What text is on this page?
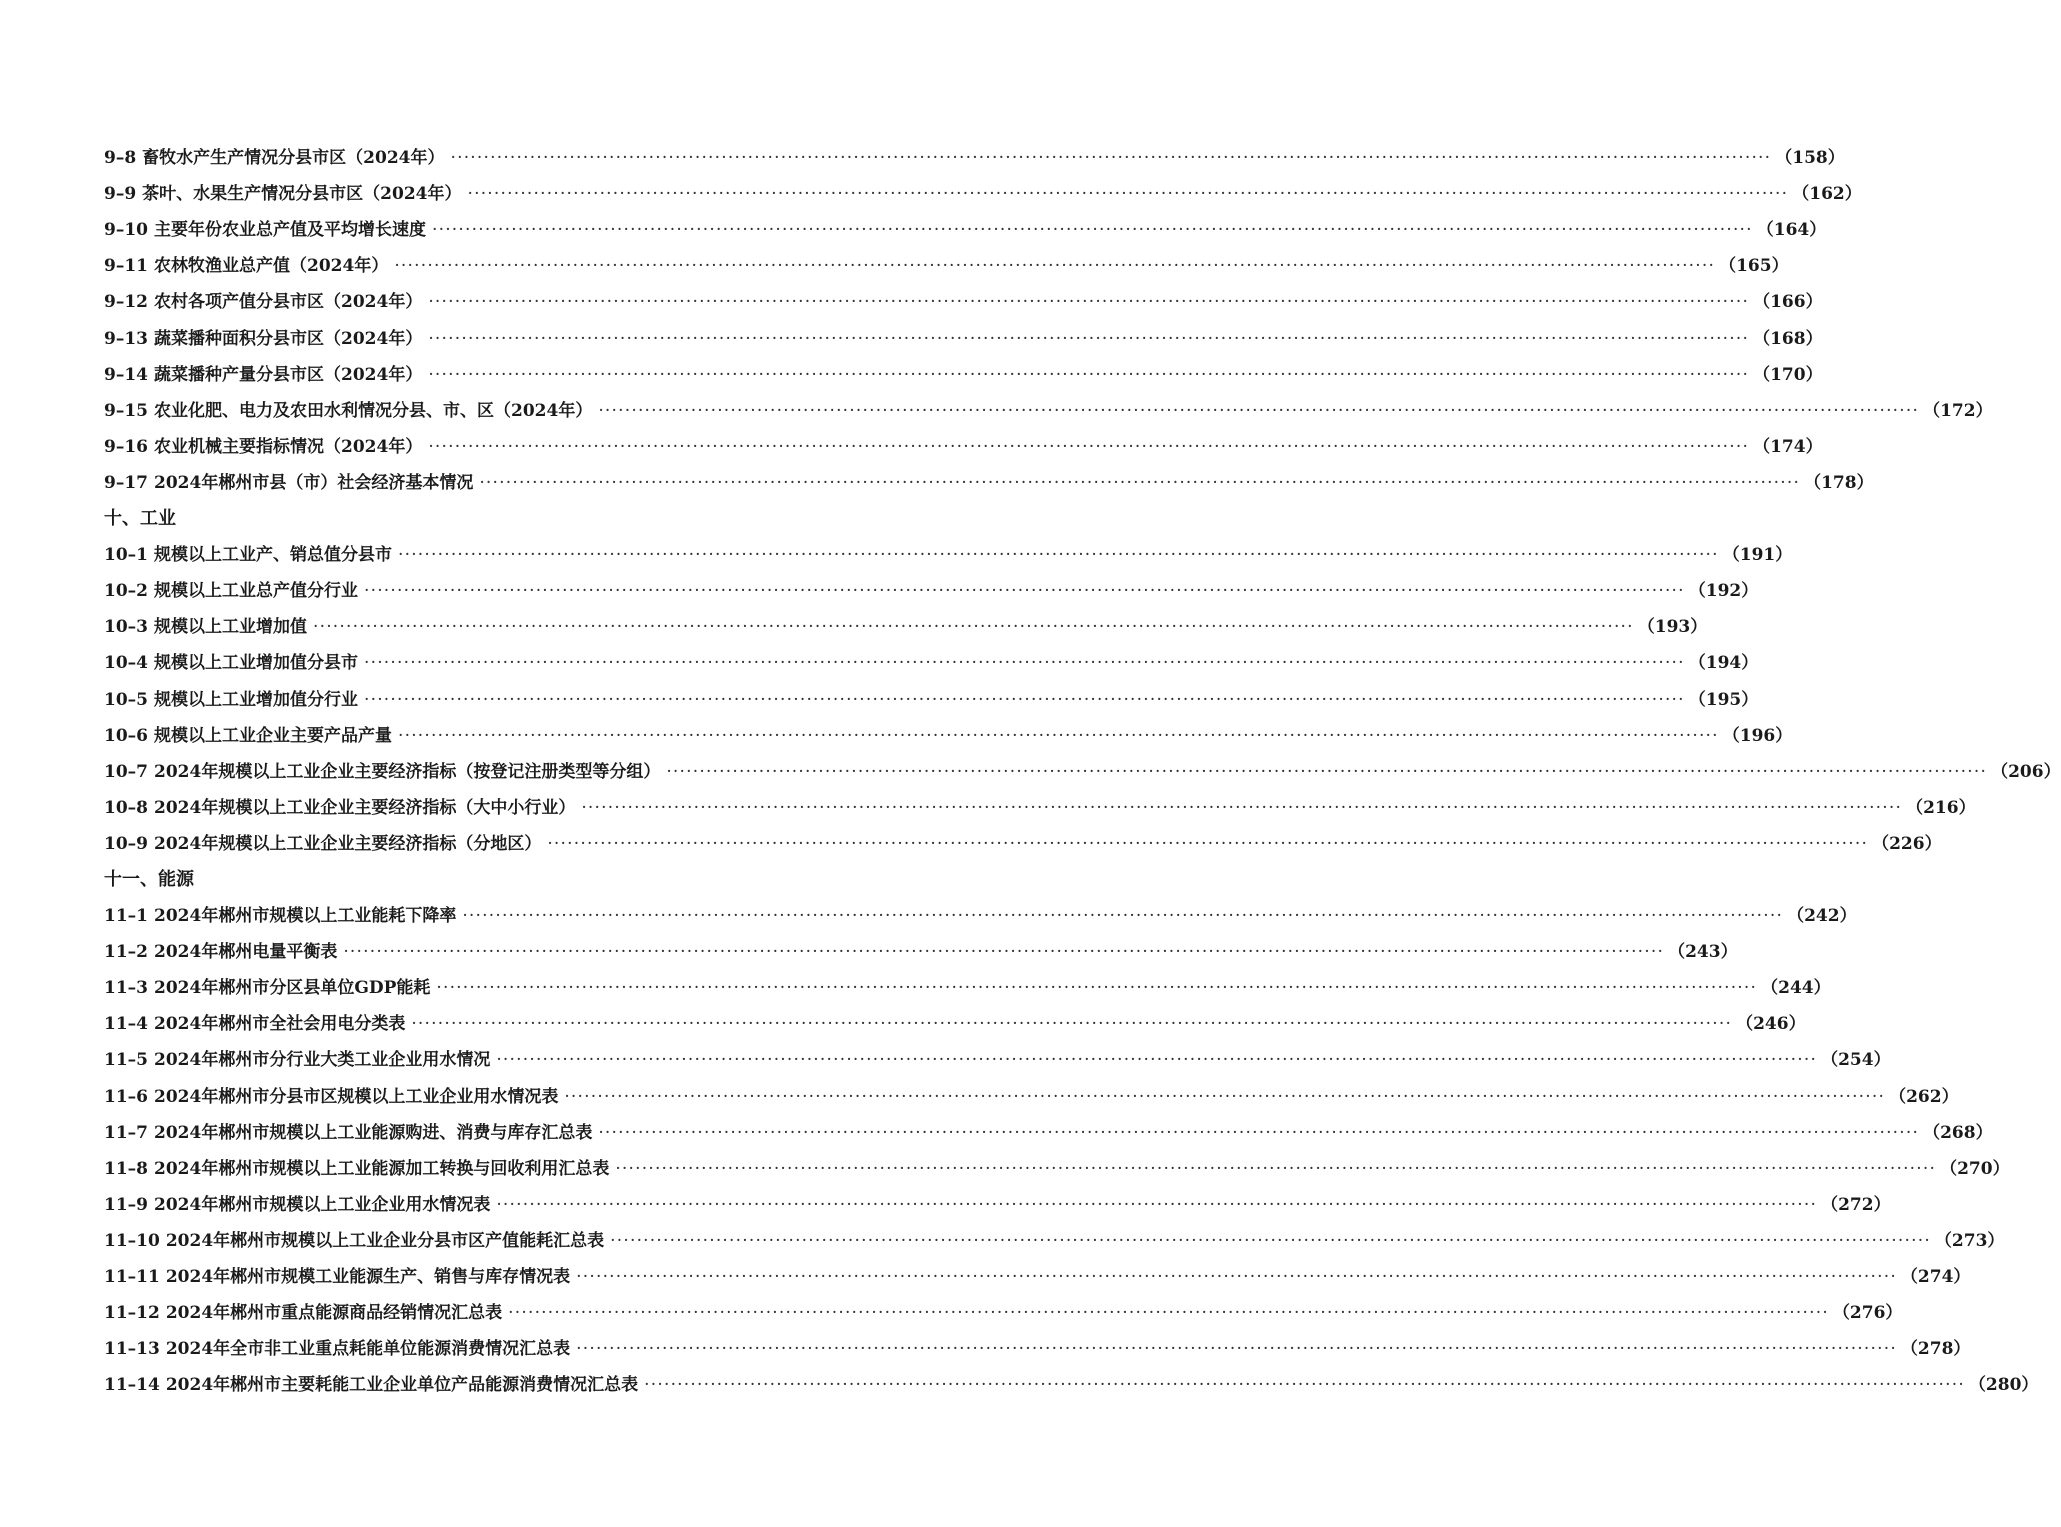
9–8 畜牧水产生产情况分县市区（2024年） ········································································································································································································ （158）
9–9 茶叶、水果生产情况分县市区（2024年） ········································································································································································································ （162）
9–10 主要年份农业总产值及平均增长速度 ········································································································································································································ （164）
9–11 农林牧渔业总产值（2024年） ········································································································································································································ （165）
9–12 农村各项产值分县市区（2024年） ········································································································································································································ （166）
9–13 蔬菜播种面积分县市区（2024年） ········································································································································································································ （168）
9–14 蔬菜播种产量分县市区（2024年） ········································································································································································································ （170）
9–15 农业化肥、电力及农田水利情况分县、市、区（2024年） ········································································································································································································ （172）
9–16 农业机械主要指标情况（2024年） ········································································································································································································ （174）
9–17 2024年郴州市县（市）社会经济基本情况 ········································································································································································································ （178）
十、工业
10–1 规模以上工业产、销总值分县市 ········································································································································································································ （191）
10–2 规模以上工业总产值分行业 ········································································································································································································ （192）
10–3 规模以上工业增加值 ········································································································································································································ （193）
10–4 规模以上工业增加值分县市 ········································································································································································································ （194）
10–5 规模以上工业增加值分行业 ········································································································································································································ （195）
10–6 规模以上工业企业主要产品产量 ········································································································································································································ （196）
10–7 2024年规模以上工业企业主要经济指标（按登记注册类型等分组） ········································································································································································································ （206）
10–8 2024年规模以上工业企业主要经济指标（大中小行业） ········································································································································································································ （216）
10–9 2024年规模以上工业企业主要经济指标（分地区） ········································································································································································································ （226）
十一、能源
11–1 2024年郴州市规模以上工业能耗下降率 ········································································································································································································ （242）
11–2 2024年郴州电量平衡表 ········································································································································································································ （243）
11–3 2024年郴州市分区县单位GDP能耗 ········································································································································································································ （244）
11–4 2024年郴州市全社会用电分类表 ········································································································································································································ （246）
11–5 2024年郴州市分行业大类工业企业用水情况 ········································································································································································································ （254）
11–6 2024年郴州市分县市区规模以上工业企业用水情况表 ········································································································································································································ （262）
11–7 2024年郴州市规模以上工业能源购进、消费与库存汇总表 ········································································································································································································ （268）
11–8 2024年郴州市规模以上工业能源加工转换与回收利用汇总表 ········································································································································································································ （270）
11–9 2024年郴州市规模以上工业企业用水情况表 ········································································································································································································ （272）
11–10 2024年郴州市规模以上工业企业分县市区产值能耗汇总表 ········································································································································································································ （273）
11–11 2024年郴州市规模工业能源生产、销售与库存情况表 ········································································································································································································ （274）
11–12 2024年郴州市重点能源商品经销情况汇总表 ········································································································································································································ （276）
11–13 2024年全市非工业重点耗能单位能源消费情况汇总表 ········································································································································································································ （278）
11–14 2024年郴州市主要耗能工业企业单位产品能源消费情况汇总表 ········································································································································································································ （280）
